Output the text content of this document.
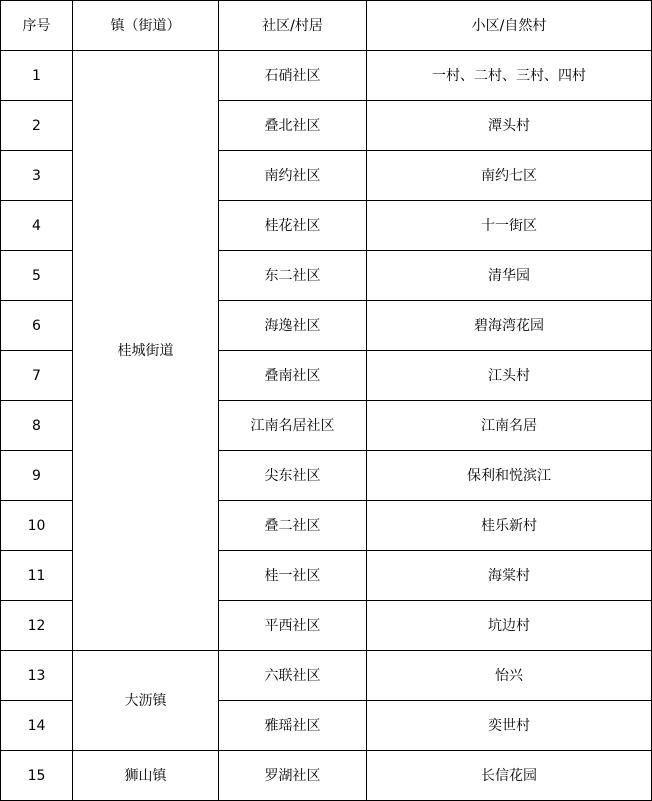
序号	镇（街道）	社区/村居	小区/自然村
1	桂城街道	石硝社区	一村、二村、三村、四村
2		叠北社区	潭头村
3		南约社区	南约七区
4		桂花社区	十一街区
5		东二社区	清华园
6		海逸社区	碧海湾花园
7		叠南社区	江头村
8		江南名居社区	江南名居
9		尖东社区	保利和悦滨江
10		叠二社区	桂乐新村
11		桂一社区	海棠村
12		平西社区	坑边村
13	大沥镇	六联社区	怡兴
14		雅瑶社区	奕世村
15	狮山镇	罗湖社区	长信花园
